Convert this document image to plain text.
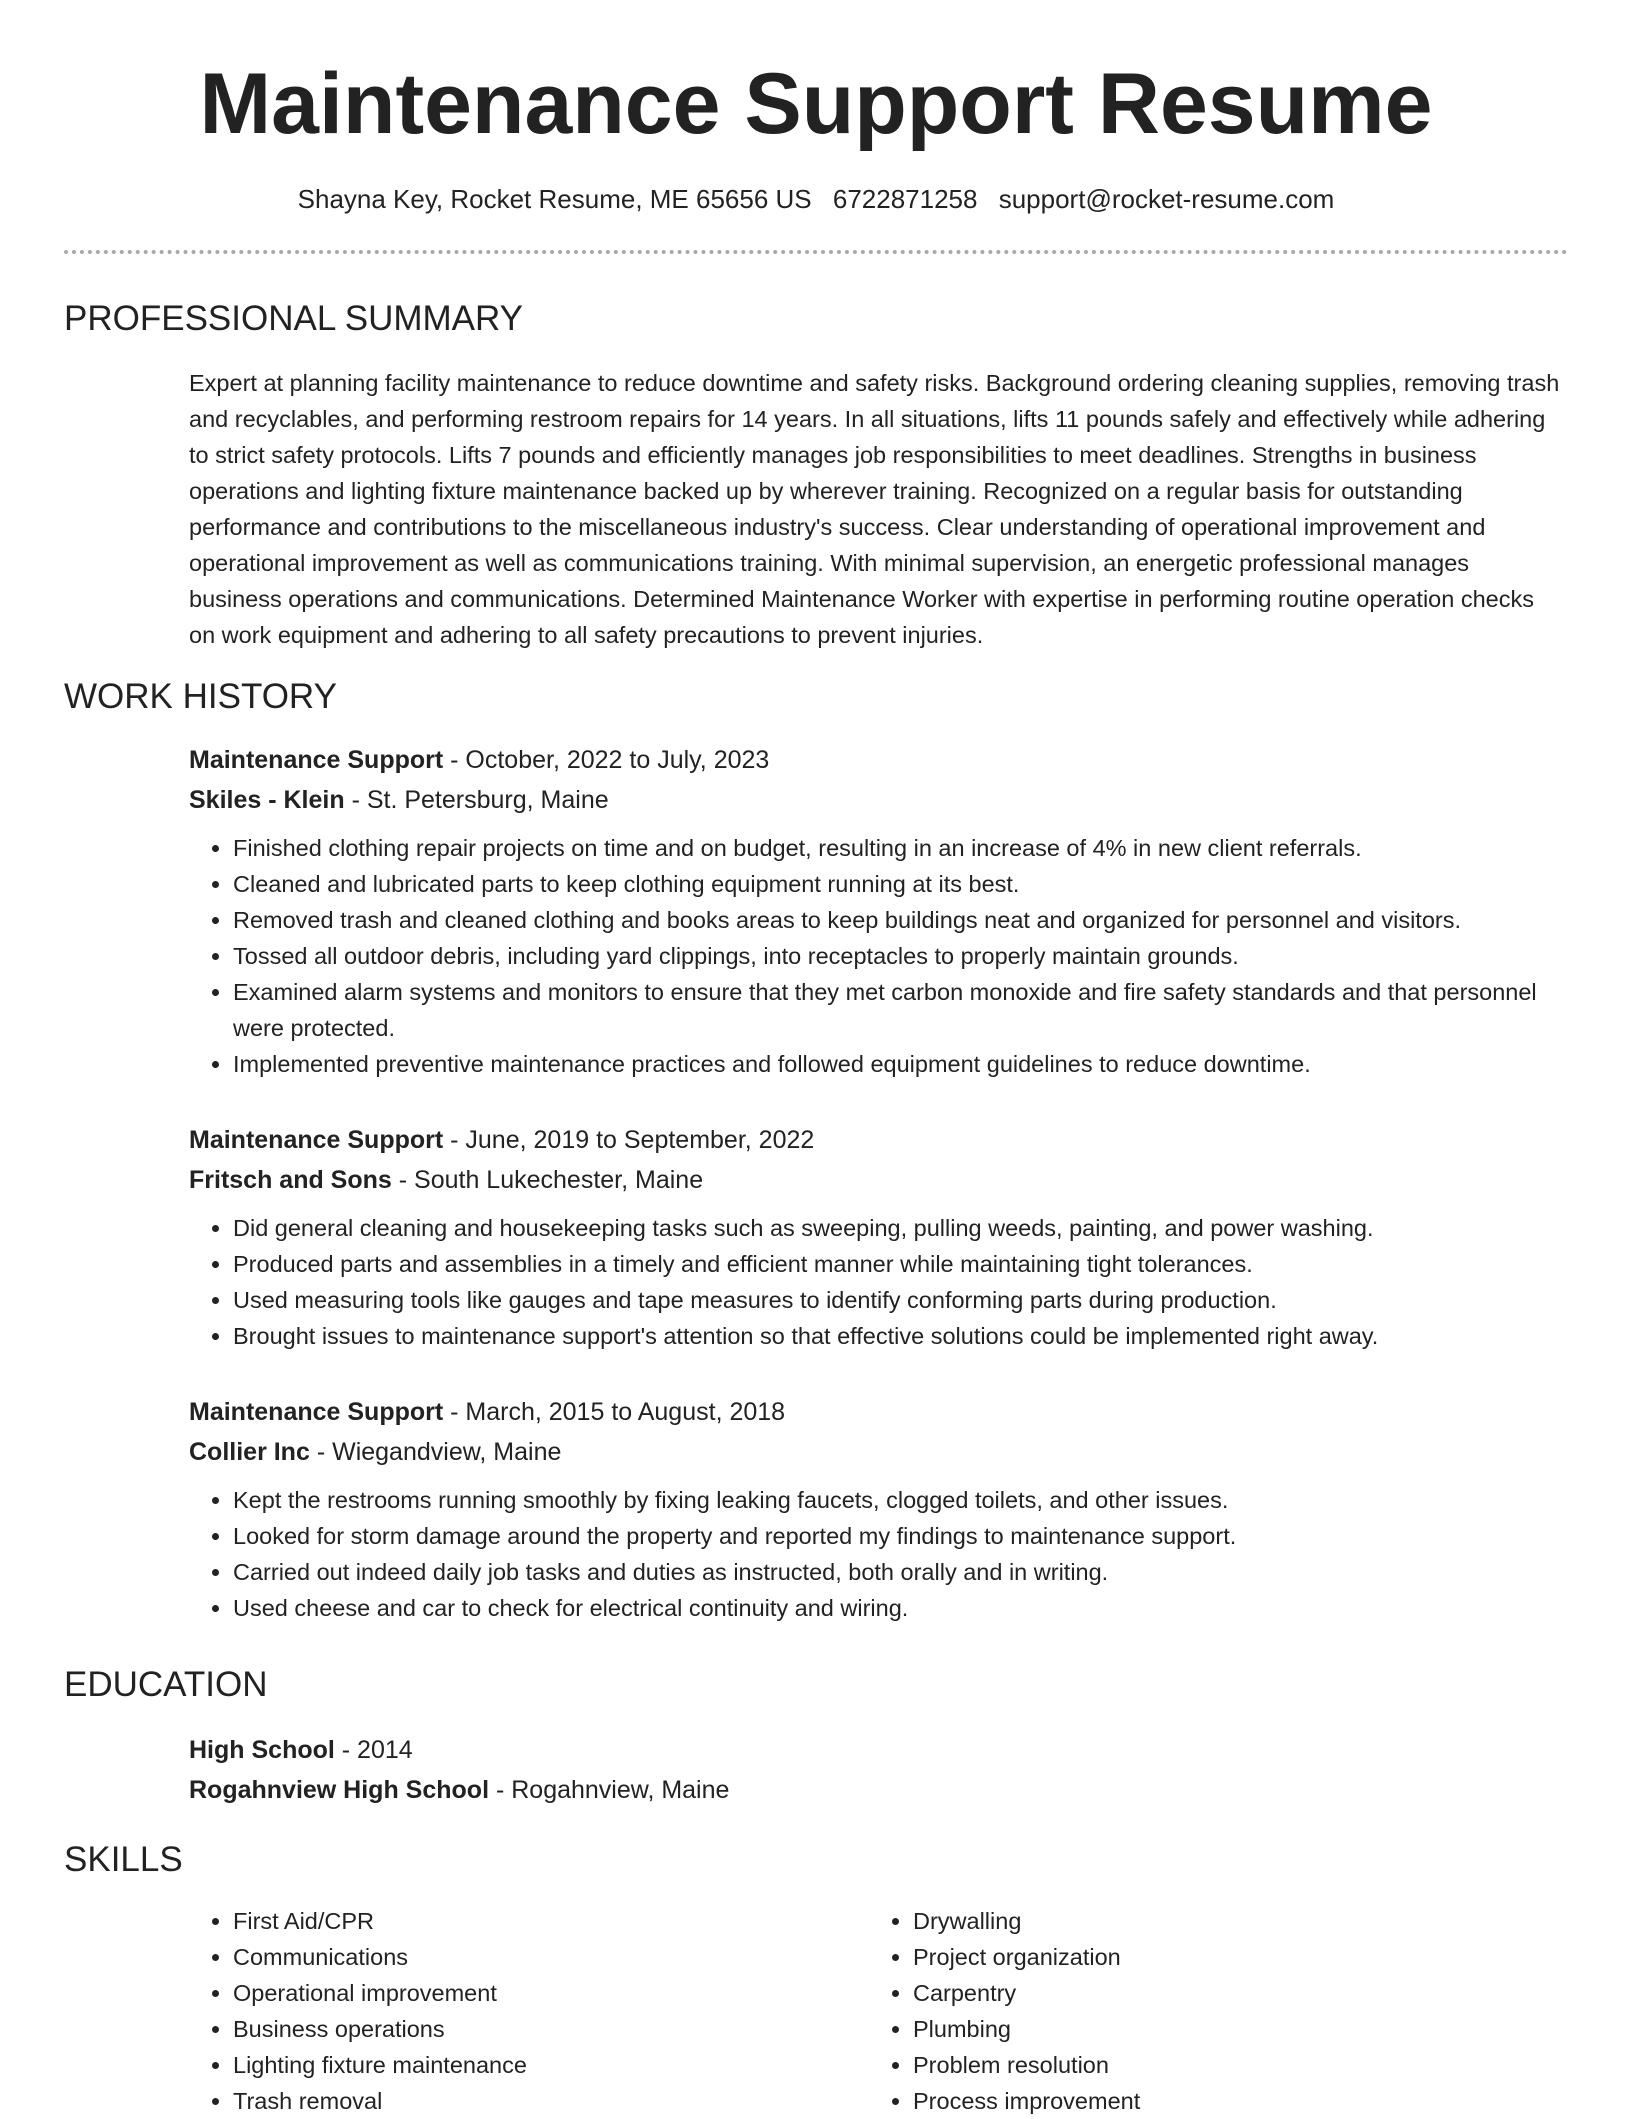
Maintenance Support Resume
Shayna Key, Rocket Resume, ME 65656 US 6722871258 support@rocket-resume.com
PROFESSIONAL SUMMARY

Expert at planning facility maintenance to reduce downtime and safety risks. Background ordering cleaning supplies, removing trash and recyclables, and performing restroom repairs for 14 years. In all situations, lifts 11 pounds safely and effectively while adhering to strict safety protocols. Lifts 7 pounds and efficiently manages job responsibilities to meet deadlines. Strengths in business operations and lighting fixture maintenance backed up by wherever training. Recognized on a regular basis for outstanding performance and contributions to the miscellaneous industry's success. Clear understanding of operational improvement and operational improvement as well as communications training. With minimal supervision, an energetic professional manages business operations and communications. Determined Maintenance Worker with expertise in performing routine operation checks on work equipment and adhering to all safety precautions to prevent injuries.

WORK HISTORY

Maintenance Support - October, 2022 to July, 2023

Skiles - Klein - St. Petersburg, Maine

• Finished clothing repair projects on time and on budget, resulting in an increase of 4% in new client referrals.
• Cleaned and lubricated parts to keep clothing equipment running at its best.
• Removed trash and cleaned clothing and books areas to keep buildings neat and organized for personnel and visitors.
• Tossed all outdoor debris, including yard clippings, into receptacles to properly maintain grounds.
• Examined alarm systems and monitors to ensure that they met carbon monoxide and fire safety standards and that personnel were protected.
• Implemented preventive maintenance practices and followed equipment guidelines to reduce downtime.

Maintenance Support - June, 2019 to September, 2022

Fritsch and Sons - South Lukechester, Maine

• Did general cleaning and housekeeping tasks such as sweeping, pulling weeds, painting, and power washing.
• Produced parts and assemblies in a timely and efficient manner while maintaining tight tolerances.
• Used measuring tools like gauges and tape measures to identify conforming parts during production.
• Brought issues to maintenance support's attention so that effective solutions could be implemented right away.

Maintenance Support - March, 2015 to August, 2018

Collier Inc - Wiegandview, Maine

• Kept the restrooms running smoothly by fixing leaking faucets, clogged toilets, and other issues.
• Looked for storm damage around the property and reported my findings to maintenance support.
• Carried out indeed daily job tasks and duties as instructed, both orally and in writing.
• Used cheese and car to check for electrical continuity and wiring.
EDUCATION

High School - 2014

Rogahnview High School - Rogahnview, Maine

SKILLS
• First Aid/CPR
• Communications
• Operational improvement
• Business operations
• Lighting fixture maintenance
• Trash removal
• Drywalling
• Project organization
• Carpentry
• Plumbing
• Problem resolution
• Process improvement
